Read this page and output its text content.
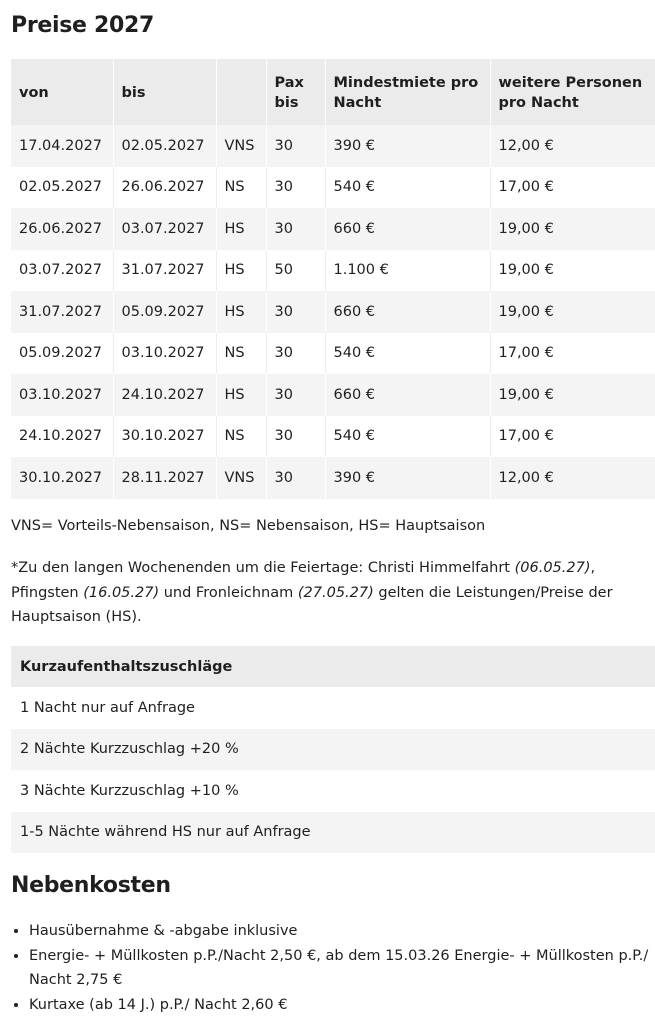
Preise 2027
von	bis		Pax bis	Mindestmiete pro Nacht	weitere Personen pro Nacht
17.04.2027	02.05.2027	VNS	30	390 €	12,00 €
02.05.2027	26.06.2027	NS	30	540 €	17,00 €
26.06.2027	03.07.2027	HS	30	660 €	19,00 €
03.07.2027	31.07.2027	HS	50	1.100 €	19,00 €
31.07.2027	05.09.2027	HS	30	660 €	19,00 €
05.09.2027	03.10.2027	NS	30	540 €	17,00 €
03.10.2027	24.10.2027	HS	30	660 €	19,00 €
24.10.2027	30.10.2027	NS	30	540 €	17,00 €
30.10.2027	28.11.2027	VNS	30	390 €	12,00 €

VNS= Vorteils-Nebensaison, NS= Nebensaison, HS= Hauptsaison

*Zu den langen Wochenenden um die Feiertage: Christi Himmelfahrt (06.05.27), Pfingsten (16.05.27) und Fronleichnam (27.05.27) gelten die Leistungen/Preise der Hauptsaison (HS).

Kurzaufenthaltszuschläge
1 Nacht nur auf Anfrage
2 Nächte Kurzzuschlag +20 %
3 Nächte Kurzzuschlag +10 %
1-5 Nächte während HS nur auf Anfrage
Nebenkosten
• Hausübernahme & -abgabe inklusive
• Energie- + Müllkosten p.P./Nacht 2,50 €, ab dem 15.03.26 Energie- + Müllkosten p.P./ Nacht 2,75 €
• Kurtaxe (ab 14 J.) p.P./ Nacht 2,60 €
